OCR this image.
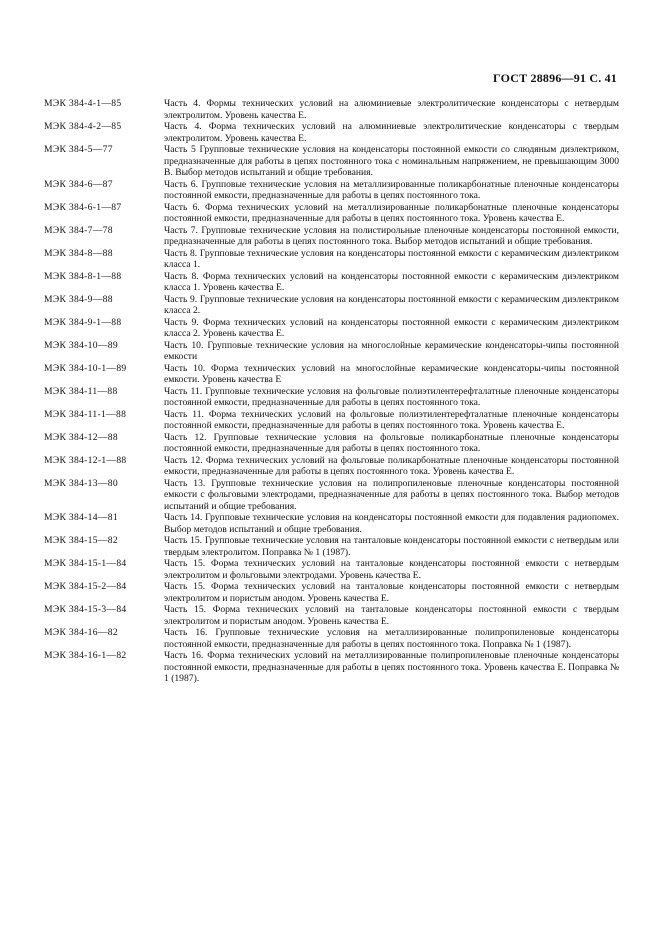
ГОСТ 28896—91 С. 41
МЭК 384-4-1—85	Часть 4. Формы технических условий на алюминиевые электролитические конденсаторы с нетвердым электролитом. Уровень качества Е.
МЭК 384-4-2—85	Часть 4. Форма технических условий на алюминиевые электролитические конденсаторы с твердым электролитом. Уровень качества Е.
МЭК 384-5—77	Часть 5 Групповые технические условия на конденсаторы постоянной емкости со слюдяным диэлектриком, предназначенные для работы в цепях постоянного тока с номинальным напряжением, не превышающим 3000 В. Выбор методов испытаний и общие требования.
МЭК 384-6—87	Часть 6. Групповые технические условия на металлизированные поликарбонатные пленочные конденсаторы постоянной емкости, предназначенные для работы в цепях постоянного тока.
МЭК 384-6-1—87	Часть 6. Форма технических условий на металлизированные поликарбонатные пленочные конденсаторы постоянной емкости, предназначенные для работы в цепях постоянного тока. Уровень качества Е.
МЭК 384-7—78	Часть 7. Групповые технические условия на полистирольные пленочные конденсаторы постоянной емкости, предназначенные для работы в цепях постоянного тока. Выбор методов испытаний и общие требования.
МЭК 384-8—88	Часть 8. Групповые технические условия на конденсаторы постоянной емкости с керамическим диэлектриком класса 1.
МЭК 384-8-1—88	Часть 8. Форма технических условий на конденсаторы постоянной емкости с керамическим диэлектриком класса 1. Уровень качества Е.
МЭК 384-9—88	Часть 9. Групповые технические условия на конденсаторы постоянной емкости с керамическим диэлектриком класса 2.
МЭК 384-9-1—88	Часть 9. Форма технических условий на конденсаторы постоянной емкости с керамическим диэлектриком класса 2. Уровень качества Е.
МЭК 384-10—89	Часть 10. Групповые технические условия на многослойные керамические конденсаторы-чипы постоянной емкости
МЭК 384-10-1—89	Часть 10. Форма технических условий на многослойные керамические конденсаторы-чипы постоянной емкости. Уровень качества Е
МЭК 384-11—88	Часть 11. Групповые технические условия на фольговые полиэтилентерефталатные пленочные конденсаторы постоянной емкости, предназначенные для работы в цепях постоянного тока.
МЭК 384-11-1—88	Часть 11. Форма технических условий на фольговые полиэтилентерефталатные пленочные конденсаторы постоянной емкости, предназначенные для работы в цепях постоянного тока. Уровень качества Е.
МЭК 384-12—88	Часть 12. Групповые технические условия на фольговые поликарбонатные пленочные конденсаторы постоянной емкости, предназначенные для работы в цепях постоянного тока.
МЭК 384-12-1—88	Часть 12. Форма технических условий на фольговые поликарбонатные пленочные конденсаторы постоянной емкости, предназначенные для работы в цепях постоянного тока. Уровень качества Е.
МЭК 384-13—80	Часть 13. Групповые технические условия на полипропиленовые пленочные конденсаторы постоянной емкости с фольговыми электродами, предназначенные для работы в цепях постоянного тока. Выбор методов испытаний и общие требования.
МЭК 384-14—81	Часть 14. Групповые технические условия на конденсаторы постоянной емкости для подавления радиопомех. Выбор методов испытаний и общие требования.
МЭК 384-15—82	Часть 15. Групповые технические условия на танталовые конденсаторы постоянной емкости с нетвердым или твердым электролитом. Поправка № 1 (1987).
МЭК 384-15-1—84	Часть 15. Форма технических условий на танталовые конденсаторы постоянной емкости с нетвердым электролитом и фольговыми электродами. Уровень качества Е.
МЭК 384-15-2—84	Часть 15. Форма технических условий на танталовые конденсаторы постоянной емкости с нетвердым электролитом и пористым анодом. Уровень качества Е.
МЭК 384-15-3—84	Часть 15. Форма технических условий на танталовые конденсаторы постоянной емкости с твердым электролитом и пористым анодом. Уровень качества Е.
МЭК 384-16—82	Часть 16. Групповые технические условия на металлизированные полипропиленовые конденсаторы постоянной емкости, предназначенные для работы в цепях постоянного тока. Поправка № 1 (1987).
МЭК 384-16-1—82	Часть 16. Форма технических условий на металлизированные полипропиленовые пленочные конденсаторы постоянной емкости, предназначенные для работы в цепях постоянного тока. Уровень качества Е. Поправка № 1 (1987).
